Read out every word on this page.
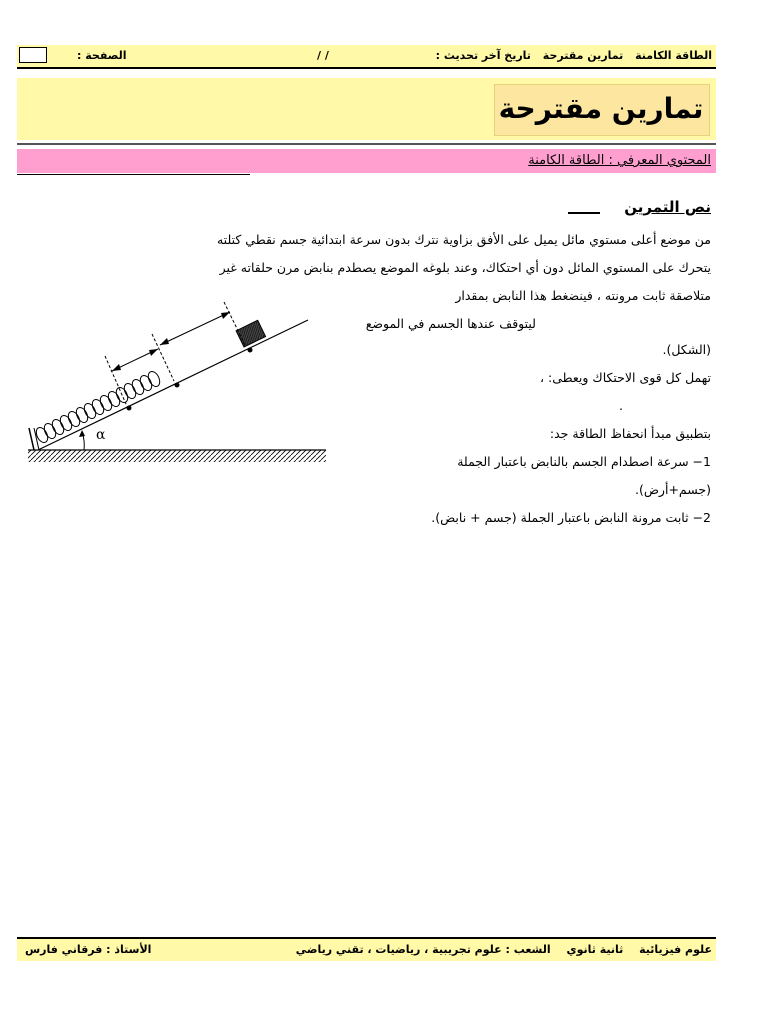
الطاقة الكامنة تمارين مقترحة تاريخ آخر تحديث :
/ /
الصفحة :
تمارين مقترحة
المحتوي المعرفي : الطاقة الكامنة
نص التمرين
من موضع أعلى مستوي مائل يميل على الأفق بزاوية نترك بدون سرعة ابتدائية جسم نقطي كتلته
يتحرك على المستوي المائل دون أي احتكاك، وعند بلوغه الموضع يصطدم بنابض مرن حلقاته غير
متلاصقة ثابت مرونته ، فينضغط هذا النابض بمقدار
ليتوقف عندها الجسم في الموضع
(الشكل).
تهمل كل قوى الاحتكاك ويعطى: ،
.
بتطبيق مبدأ انحفاظ الطاقة جد:
1− سرعة اصطدام الجسم بالنابض باعتبار الجملة
(جسم+أرض).
2− ثابت مرونة النابض باعتبار الجملة (جسم + نابض).
α
علوم فيزيائية ثانية ثانوي الشعب : علوم تجريبية ، رياضيات ، تقني رياضي
الأستاذ : فرقاني فارس
